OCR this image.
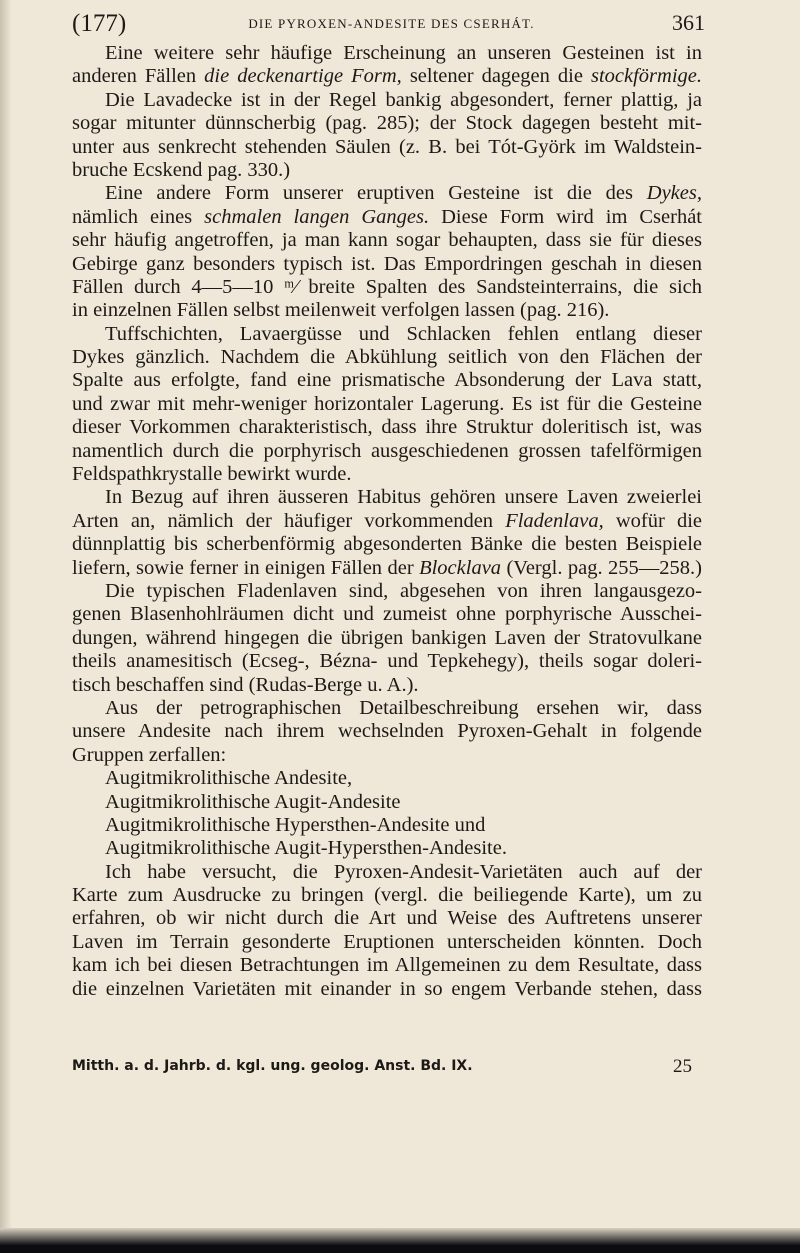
(177)	DIE PYROXEN-ANDESITE DES CSERHÁT.	361
Eine weitere sehr häufige Erscheinung an unseren Gesteinen ist in
anderen Fällen die deckenartige Form, seltener dagegen die stockförmige.
Die Lavadecke ist in der Regel bankig abgesondert, ferner plattig, ja
sogar mitunter dünnscherbig (pag. 285); der Stock dagegen besteht mit-
unter aus senkrecht stehenden Säulen (z. B. bei Tót-Györk im Waldstein-
bruche Ecskend pag. 330.)
Eine andere Form unserer eruptiven Gesteine ist die des Dykes,
nämlich eines schmalen langen Ganges. Diese Form wird im Cserhát
sehr häufig angetroffen, ja man kann sogar behaupten, dass sie für dieses
Gebirge ganz besonders typisch ist. Das Empordringen geschah in diesen
Fällen durch 4—5—10 ᵐ⁄ breite Spalten des Sandsteinterrains, die sich
in einzelnen Fällen selbst meilenweit verfolgen lassen (pag. 216).
Tuffschichten, Lavaergüsse und Schlacken fehlen entlang dieser
Dykes gänzlich. Nachdem die Abkühlung seitlich von den Flächen der
Spalte aus erfolgte, fand eine prismatische Absonderung der Lava statt,
und zwar mit mehr-weniger horizontaler Lagerung. Es ist für die Gesteine
dieser Vorkommen charakteristisch, dass ihre Struktur doleritisch ist, was
namentlich durch die porphyrisch ausgeschiedenen grossen tafelförmigen
Feldspathkrystalle bewirkt wurde.
In Bezug auf ihren äusseren Habitus gehören unsere Laven zweierlei
Arten an, nämlich der häufiger vorkommenden Fladenlava, wofür die
dünnplattig bis scherbenförmig abgesonderten Bänke die besten Beispiele
liefern, sowie ferner in einigen Fällen der Blocklava (Vergl. pag. 255—258.)
Die typischen Fladenlaven sind, abgesehen von ihren langausgezo-
genen Blasenhohlräumen dicht und zumeist ohne porphyrische Ausschei-
dungen, während hingegen die übrigen bankigen Laven der Stratovulkane
theils anamesitisch (Ecseg-, Bézna- und Tepkehegy), theils sogar doleri-
tisch beschaffen sind (Rudas-Berge u. A.).
Aus der petrographischen Detailbeschreibung ersehen wir, dass
unsere Andesite nach ihrem wechselnden Pyroxen-Gehalt in folgende
Gruppen zerfallen:
Augitmikrolithische Andesite,
Augitmikrolithische Augit-Andesite
Augitmikrolithische Hypersthen-Andesite und
Augitmikrolithische Augit-Hypersthen-Andesite.
Ich habe versucht, die Pyroxen-Andesit-Varietäten auch auf der
Karte zum Ausdrucke zu bringen (vergl. die beiliegende Karte), um zu
erfahren, ob wir nicht durch die Art und Weise des Auftretens unserer
Laven im Terrain gesonderte Eruptionen unterscheiden könnten. Doch
kam ich bei diesen Betrachtungen im Allgemeinen zu dem Resultate, dass
die einzelnen Varietäten mit einander in so engem Verbande stehen, dass
Mitth. a. d. Jahrb. d. kgl. ung. geolog. Anst. Bd. IX.	25
